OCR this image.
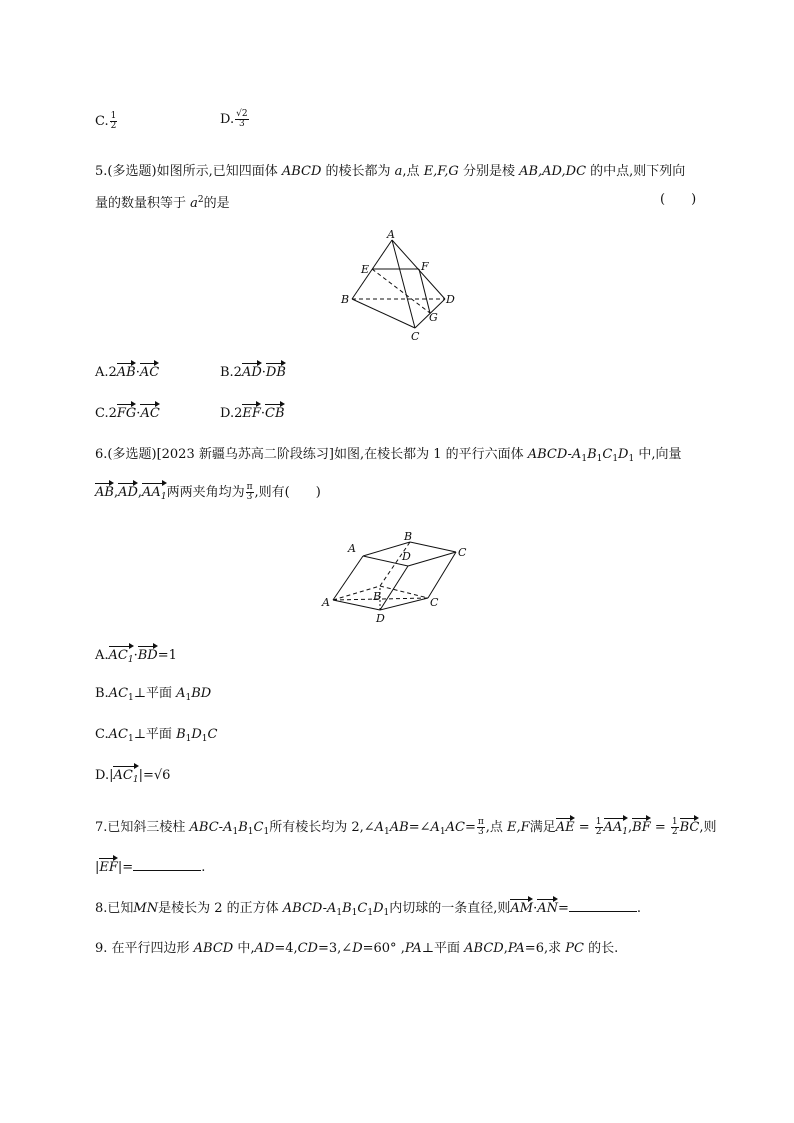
C. $\frac{1}{2}$	D. $\frac{√2}{3}$
5.(多选题)如图所示,已知四面体 ABCD 的棱长都为 a,点 E,F,G 分别是棱 AB,AD,DC 的中点,则下列向
量的数量积等于 $a^2$的是	(　　)
A
E	F
B	D
G
C
A.2AB·AC	B.2AD·DB
C.2FG·AC	D.2EF·CB
6.(多选题)[2023 新疆乌苏高二阶段练习]如图,在棱长都为 1 的平行六面体 ABCD-$A_1B_1C_1D_1$ 中,向量
$AB,AD,AA_1$两两夹角均为 $\frac{\pi}{3}$ ,则有(　　)
A
B
D	C
A	B	C
D
$A.AC_1\cdot BD=1$
$B.AC_1\perp$平面 $A_1BD$
$C.AC_1\perp$平面 $B_1D_1C$
$D.|AC_1|=√6$
7.已知斜三棱柱 ABC-$A_1B_1C_1$所有棱长均为 $2,\angle A_1AB=\angle A_1AC= \frac{\pi}{3}$ ,点 E,F满足AE = $\frac{1}{2} AA_1,BF = \frac{1}{2}$ BC,则
|EF|=	.
8.已知MN是棱长为 2 的正方体 ABCD-$A_1B_1C_1D_1$内切球的一条直径,则AM·AN=	.
9. 在平行四边形 ABCD 中,AD=4,CD=3,∠D=60° ,PA⊥平面 ABCD,PA=6,求 PC 的长.
